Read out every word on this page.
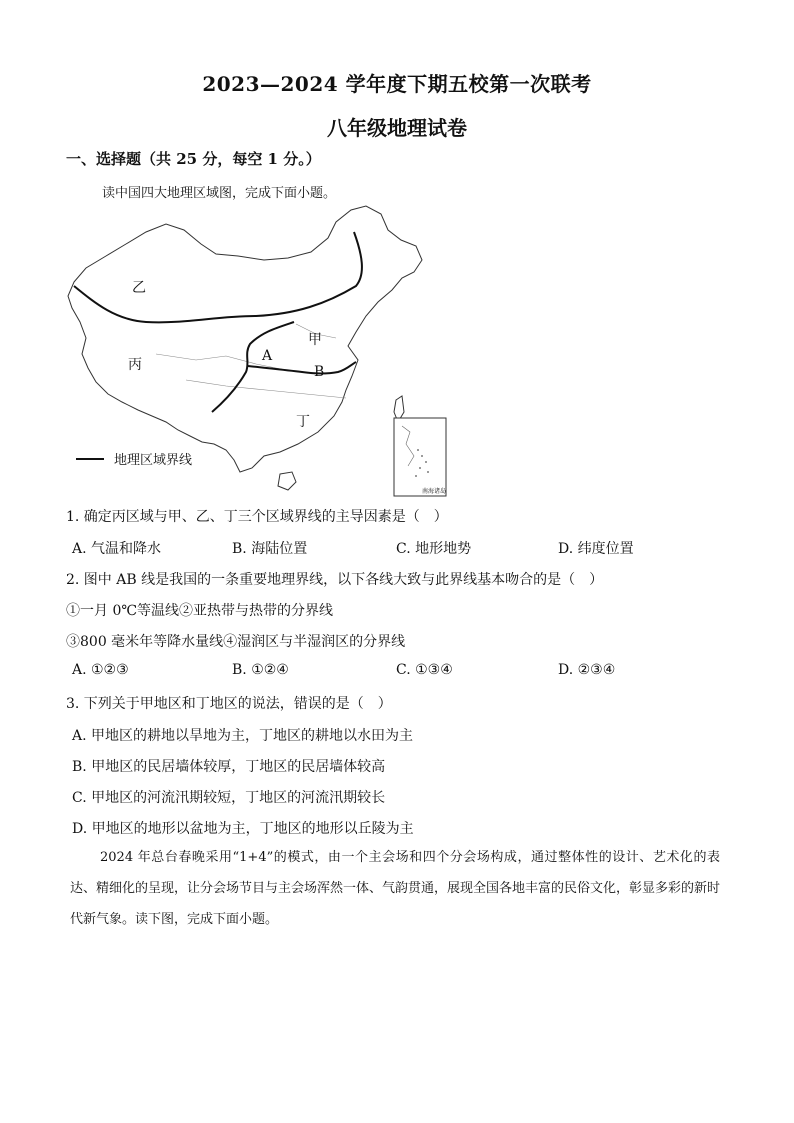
2023—2024 学年度下期五校第一次联考
八年级地理试卷
一、选择题（共 25 分，每空 1 分。）
读中国四大地理区域图，完成下面小题。
乙
丙
甲
丁
A
B
地理区域界线
南海诸岛
1. 确定丙区域与甲、乙、丁三个区域界线的主导因素是（　）
A. 气温和降水	B. 海陆位置	C. 地形地势	D. 纬度位置
2. 图中 AB 线是我国的一条重要地理界线，以下各线大致与此界线基本吻合的是（　）
①一月 0℃等温线②亚热带与热带的分界线
③800 毫米年等降水量线④湿润区与半湿润区的分界线
A. ①②③	B. ①②④	C. ①③④	D. ②③④
3. 下列关于甲地区和丁地区的说法，错误的是（　）
A. 甲地区的耕地以旱地为主，丁地区的耕地以水田为主
B. 甲地区的民居墙体较厚，丁地区的民居墙体较高
C. 甲地区的河流汛期较短，丁地区的河流汛期较长
D. 甲地区的地形以盆地为主，丁地区的地形以丘陵为主
2024 年总台春晚采用“1+4”的模式，由一个主会场和四个分会场构成，通过整体性的设计、艺术化的表达、精细化的呈现，让分会场节目与主会场浑然一体、气韵贯通，展现全国各地丰富的民俗文化，彰显多彩的新时代新气象。读下图，完成下面小题。
